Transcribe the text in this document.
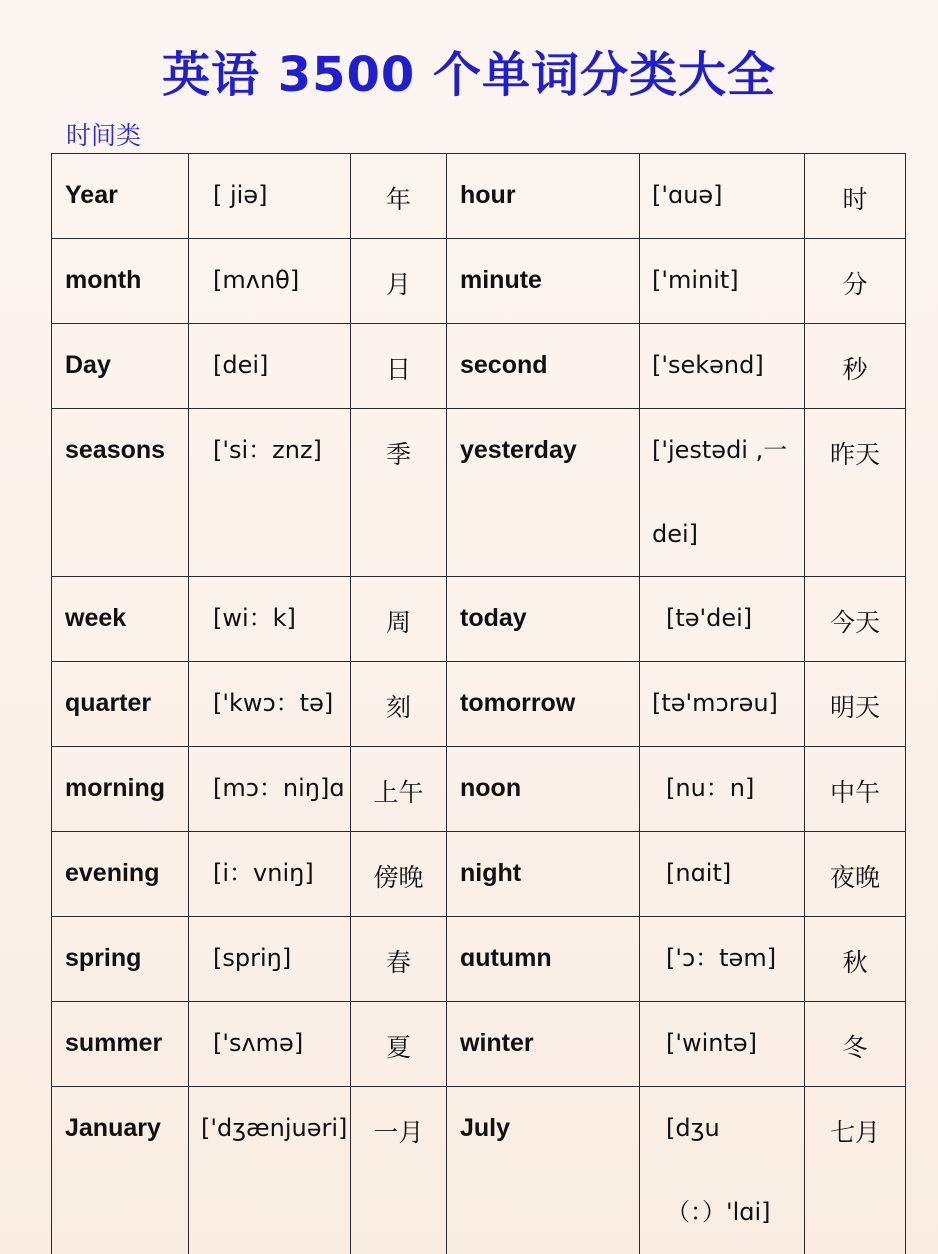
英语 3500 个单词分类大全
时间类
Year	[ jiə]	年	hour	['ɑuə]	时

month	[mʌnθ]	月	minute	['minit]	分

Day	[dei]	日	second	['sekənd]	秒

seasons	['si：znz]	季	yesterday	['jestədi ,一dei]	昨天

week	[wi：k]	周	today	[tə'dei]	今天

quarter	['kwɔ：tə]	刻	tomorrow	[tə'mɔrəu]	明天

morning	[mɔ：niŋ]ɑ	上午	noon	[nu：n]	中午

evening	[i：vniŋ]	傍晚	night	[nɑit]	夜晚

spring	[spriŋ]	春	ɑutumn	['ɔ：təm]	秋

summer	['sʌmə]	夏	winter	['wintə]	冬

January	['dʒænjuəri]	一月	July	[dʒu（：）'lɑi]	七月
